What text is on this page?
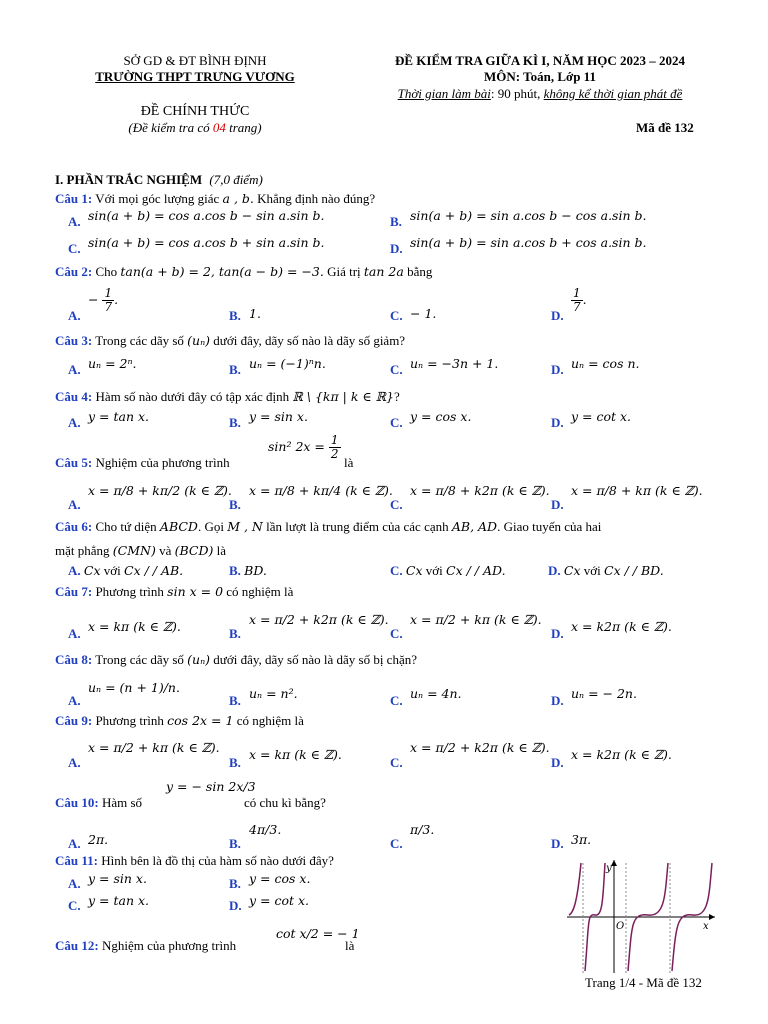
SỞ GD & ĐT BÌNH ĐỊNH
TRƯỜNG THPT TRƯNG VƯƠNG
ĐỀ KIỂM TRA GIỮA KÌ I, NĂM HỌC 2023 – 2024
MÔN: Toán, Lớp 11
Thời gian làm bài: 90 phút, không kể thời gian phát đề
ĐỀ CHÍNH THỨC
(Đề kiểm tra có 04 trang)	Mã đề 132
I. PHẦN TRẮC NGHIỆM (7,0 điểm)
Câu 1: Với mọi góc lượng giác a , b. Khẳng định nào đúng?
A. sin(a + b) = cos a.cos b − sin a.sin b.	B. sin(a + b) = sin a.cos b − cos a.sin b.
C. sin(a + b) = cos a.cos b + sin a.sin b.	D. sin(a + b) = sin a.cos b + cos a.sin b.
Câu 2: Cho tan(a + b) = 2, tan(a − b) = −3. Giá trị tan 2a bằng
A.
− $\frac{1}{7}$ .
B. 1.	C. − 1.	D.
$\frac{1}{7}$ .
Câu 3: Trong các dãy số (uₙ) dưới đây, dãy số nào là dãy số giảm?
A. uₙ = 2ⁿ.	B. uₙ = (−1)ⁿn.	C. uₙ = −3n + 1.	D. uₙ = cos n.
Câu 4: Hàm số nào dưới đây có tập xác định ℝ \ {kπ | k ∈ ℝ}?
A. y = tan x.	B. y = sin x.	C. y = cos x.	D. y = cot x.
Câu 5: Nghiệm của phương trình
sin² $2x = \frac{1}{2}$
là
A.
x = π/8 + kπ/2 (k ∈ ℤ).
B.
x = π/8 + kπ/4 (k ∈ ℤ).
C.
x = π/8 + k2π (k ∈ ℤ).
D.
x = π/8 + kπ (k ∈ ℤ).
Câu 6: Cho tứ diện ABCD. Gọi M , N lần lượt là trung điểm của các cạnh AB, AD. Giao tuyến của hai
mặt phẳng (CMN) và (BCD) là
A. Cx với Cx / / AB.	B. BD.	C. Cx với Cx / / AD.	D. Cx với Cx / / BD.
Câu 7: Phương trình sin x = 0 có nghiệm là
A. x = kπ (k ∈ ℤ).	B.
x = π/2 + k2π (k ∈ ℤ).
C.
x = π/2 + kπ (k ∈ ℤ).
D. x = k2π (k ∈ ℤ).
Câu 8: Trong các dãy số (uₙ) dưới đây, dãy số nào là dãy số bị chặn?
A.
uₙ = (n + 1)/n.
B. uₙ = n².	C. uₙ = 4n.	D. uₙ = − 2n.
Câu 9: Phương trình cos 2x = 1 có nghiệm là
A.
x = π/2 + kπ (k ∈ ℤ).
B.
x = kπ (k ∈ ℤ).
C.
x = π/2 + k2π (k ∈ ℤ).
D.
x = k2π (k ∈ ℤ).
Câu 10: Hàm số
y = − sin 2x/3
có chu kì bằng?
A. 2π.	B.
4π/3.
C.
π/3.
D. 3π.
Câu 11: Hình bên là đồ thị của hàm số nào dưới đây?
A. y = sin x.	B. y = cos x.
C. y = tan x.	D. y = cot x.
Câu 12: Nghiệm của phương trình
cot x/2 = − 1
là
y
x
O
Trang 1/4 - Mã đề 132
